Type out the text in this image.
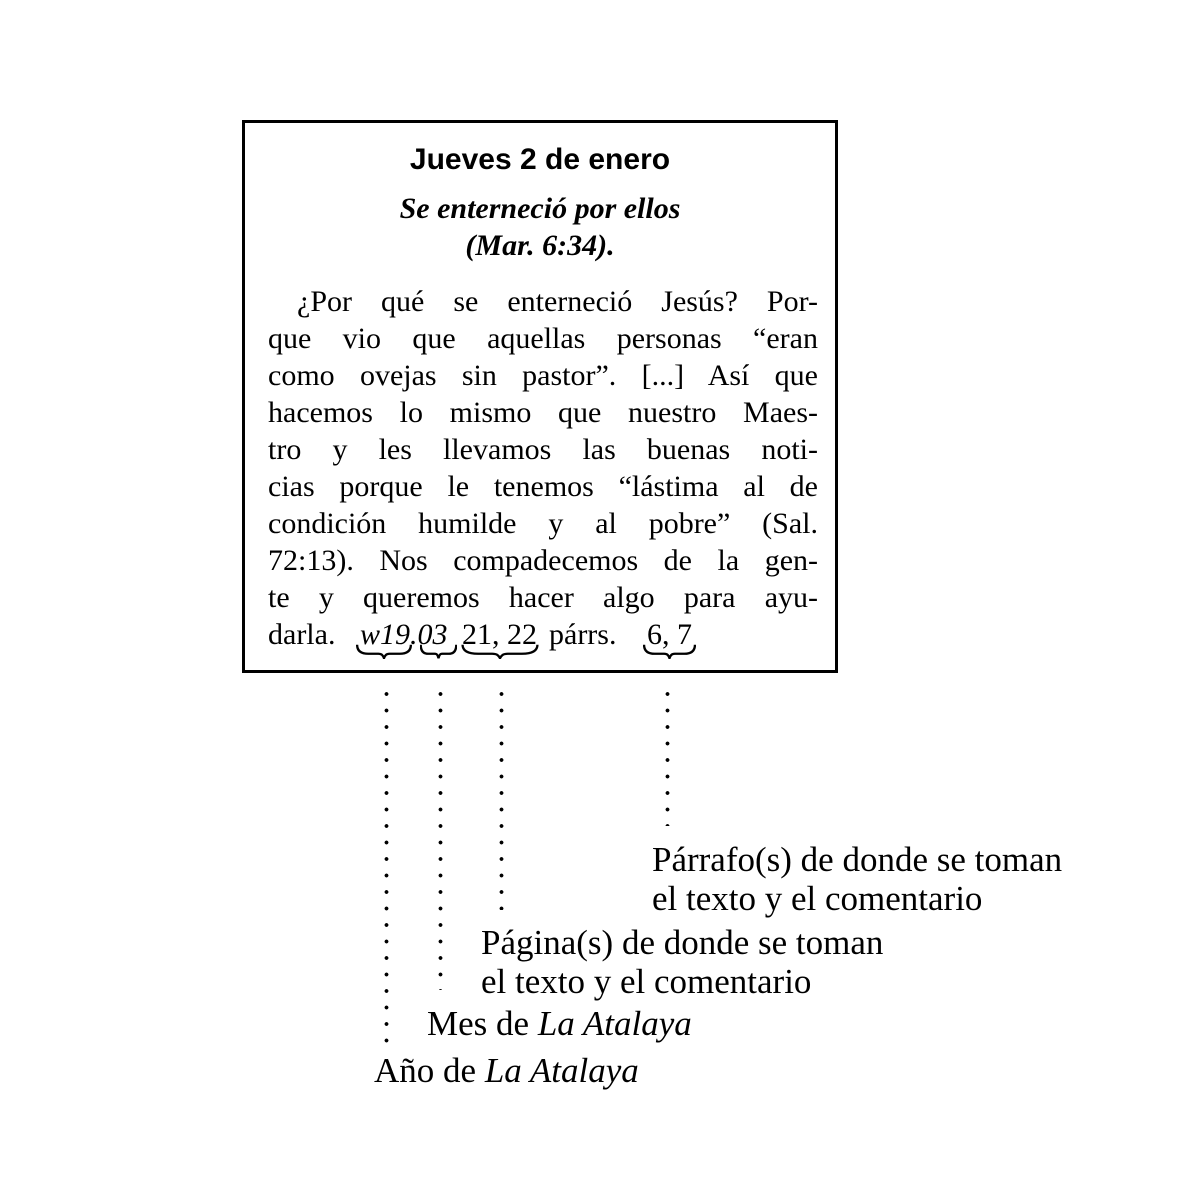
Jueves 2 de enero
Se enterneció por ellos
(Mar. 6:34).
¿Por qué se enterneció Jesús? Por-
que vio que aquellas personas “eran
como ovejas sin pastor”. [...] Así que
hacemos lo mismo que nuestro Maes-
tro y les llevamos las buenas noti-
cias porque le tenemos “lástima al de
condición humilde y al pobre” (Sal.
72:13). Nos compadecemos de la gen-
te y queremos hacer algo para ayu-
darla. w19.03 21, 22 párrs. 6, 7
Párrafo(s) de donde se toman
el texto y el comentario
Página(s) de donde se toman
el texto y el comentario
Mes de La Atalaya
Año de La Atalaya
